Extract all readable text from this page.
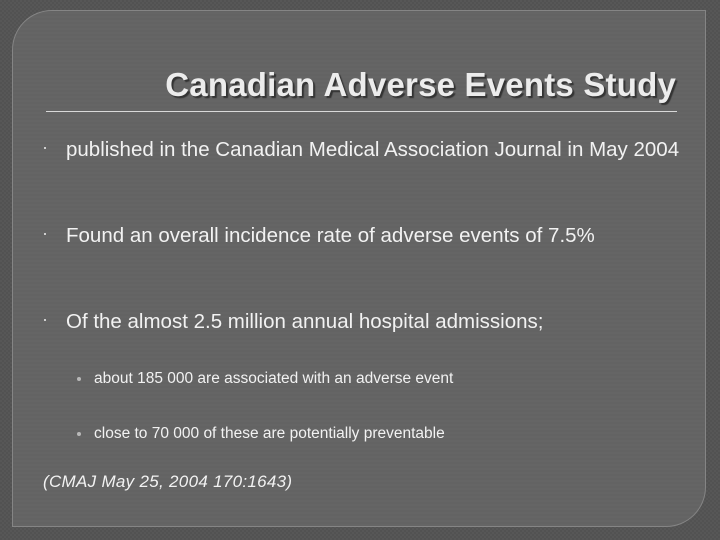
Canadian Adverse Events Study
published in the Canadian Medical Association Journal in May 2004
Found an overall incidence rate of adverse events of 7.5%
Of the almost 2.5 million annual hospital admissions;
about 185 000 are associated with an adverse event
close to 70 000 of these are potentially preventable
(CMAJ May 25, 2004 170:1643)
